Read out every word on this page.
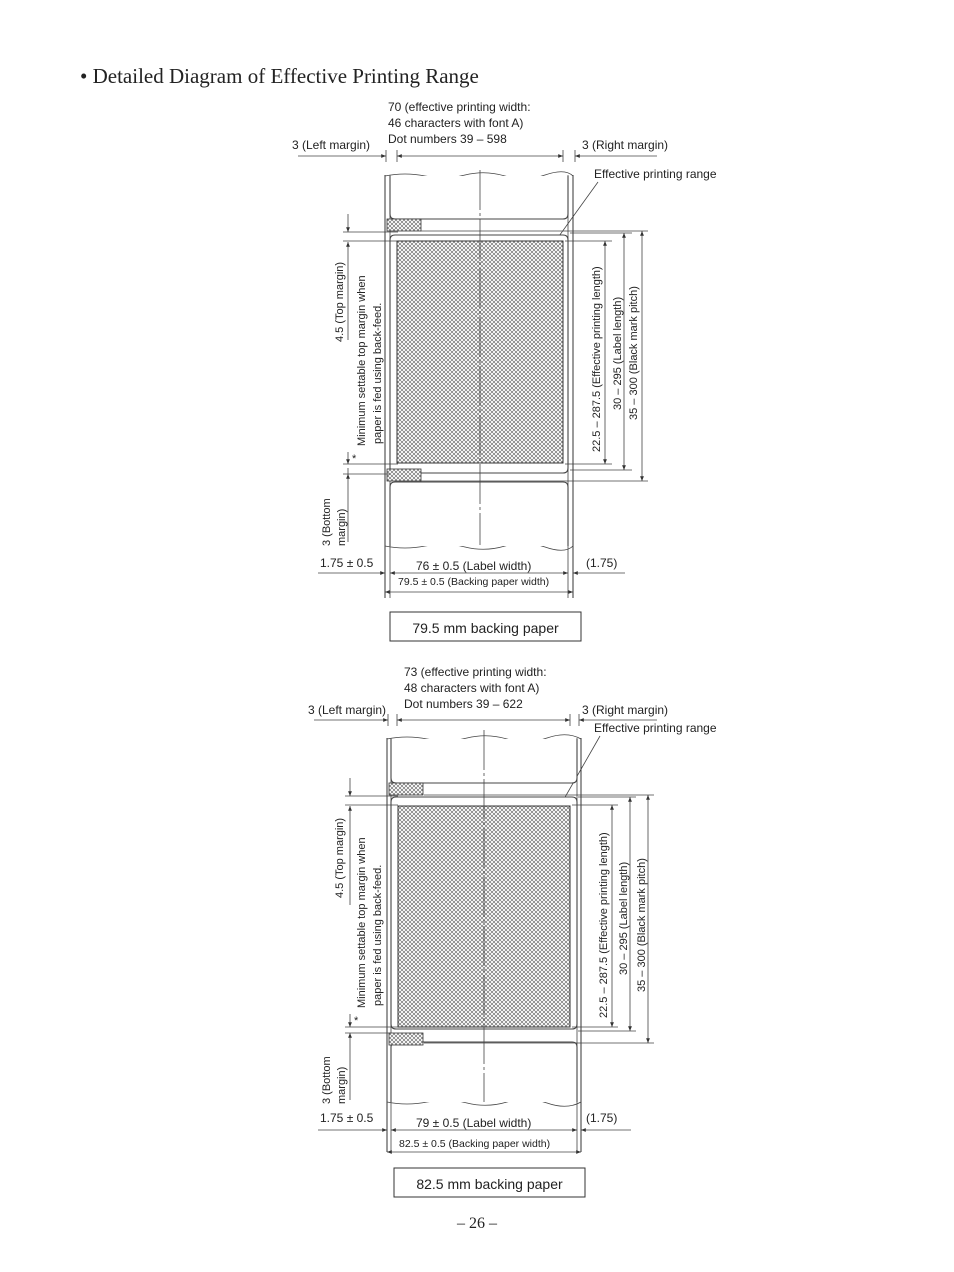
• Detailed Diagram of Effective Printing Range
70 (effective printing width:
46 characters with font A)
Dot numbers 39 – 598
3 (Left margin)	3 (Right margin)
Effective printing range
4.5 (Top margin) Minimum settable top margin when paper is fed using back-feed.
*
3 (Bottom margin)
22.5 – 287.5 (Effective printing length) 30 – 295 (Label length) 35 – 300 (Black mark pitch)
1.75 ± 0.5	(1.75)
76 ± 0.5 (Label width)
79.5 ± 0.5 (Backing paper width)
79.5 mm backing paper
73 (effective printing width:
48 characters with font A)
Dot numbers 39 – 622
3 (Left margin)	3 (Right margin)
Effective printing range
4.5 (Top margin) Minimum settable top margin when paper is fed using back-feed.
*
3 (Bottom margin)
22.5 – 287.5 (Effective printing length) 30 – 295 (Label length) 35 – 300 (Black mark pitch)
1.75 ± 0.5	(1.75)
79 ± 0.5 (Label width)
82.5 ± 0.5 (Backing paper width)
82.5 mm backing paper
– 26 –
